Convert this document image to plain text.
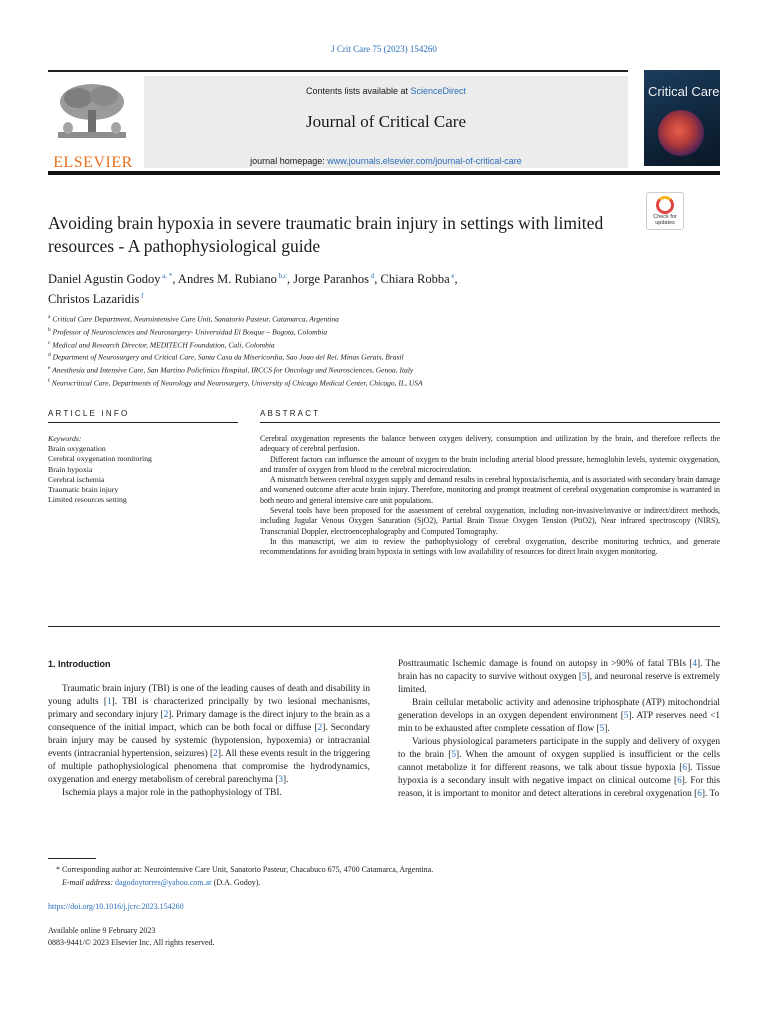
J Crit Care 75 (2023) 154260
ELSEVIER
Contents lists available at ScienceDirect
Journal of Critical Care
journal homepage: www.journals.elsevier.com/journal-of-critical-care
Critical Care
Check for
updates
Avoiding brain hypoxia in severe traumatic brain injury in settings with limited resources - A pathophysiological guide
Daniel Agustin Godoy $^{a, *}$, Andres M. Rubiano $^{b,c}$, Jorge Paranhos $^d$, Chiara Robba $^e$,
Christos Lazaridis $^f$
$^a$ Critical Care Department, Neurointensive Care Unit, Sanatorio Pasteur, Catamarca, Argentina
$^b$ Professor of Neurosciences and Neurosurgery- Universidad El Bosque – Bogota, Colombia
$^c$ Medical and Research Director, MEDITECH Foundation, Cali, Colombia
$^d$ Department of Neurosurgery and Critical Care, Santa Casa da Misericordia, Sao Joao del Rei, Minas Gerais, Brasil
$^e$ Anesthesia and Intensive Care, San Martino Policlinico Hospital, IRCCS for Oncology and Neurosciences, Genoa, Italy
$^f$ Neurocritical Care, Departments of Neurology and Neurosurgery, University of Chicago Medical Center, Chicago, IL, USA
ARTICLE INFO	ABSTRACT
Keywords:
Brain oxygenation
Cerebral oxygenation monitoring
Brain hypoxia
Cerebral ischemia
Traumatic brain injury
Limited resources setting

Cerebral oxygenation represents the balance between oxygen delivery, consumption and utilization by the brain, and therefore reflects the adequacy of cerebral perfusion.

Different factors can influence the amount of oxygen to the brain including arterial blood pressure, hemoglobin levels, systemic oxygenation, and transfer of oxygen from blood to the cerebral microcirculation.

A mismatch between cerebral oxygen supply and demand results in cerebral hypoxia/ischemia, and is associated with secondary brain damage and worsened outcome after acute brain injury. Therefore, monitoring and prompt treatment of cerebral oxygenation compromise is warranted in both neuro and general intensive care unit populations.

Several tools have been proposed for the assessment of cerebral oxygenation, including non-invasive/invasive or indirect/direct methods, including Jugular Venous Oxygen Saturation (SjO2), Partial Brain Tissue Oxygen Tension (PtiO2), Near infrared spectroscopy (NIRS), Transcranial Doppler, electroencephalography and Computed Tomography.

In this manuscript, we aim to review the pathophysiology of cerebral oxygenation, describe monitoring technics, and generate recommendations for avoiding brain hypoxia in settings with low availability of resources for direct brain oxygen monitoring.

1. Introduction

Traumatic brain injury (TBI) is one of the leading causes of death and disability in young adults [1]. TBI is characterized principally by two lesional mechanisms, primary and secondary injury [2]. Primary damage is the direct injury to the brain as a consequence of the initial impact, which can be both focal or diffuse [2]. Secondary brain injury may be caused by systemic (hypotension, hypoxemia) or intracranial events (intracranial hypertension, seizures) [2]. All these events result in the triggering of multiple pathophysiological phenomena that compromise the hydrodynamics, oxygenation and energy metabolism of cerebral parenchyma [3].

Ischemia plays a major role in the pathophysiology of TBI.

Posttraumatic Ischemic damage is found on autopsy in >90% of fatal TBIs [4]. The brain has no capacity to survive without oxygen [5], and neuronal reserve is extremely limited.

Brain cellular metabolic activity and adenosine triphosphate (ATP) mitochondrial generation develops in an oxygen dependent environment [5]. ATP reserves need <1 min to be exhausted after complete cessation of flow [5].

Various physiological parameters participate in the supply and delivery of oxygen to the brain [5]. When the amount of oxygen supplied is insufficient or the cells cannot metabolize it for different reasons, we talk about tissue hypoxia [6]. Tissue hypoxia is a secondary insult with negative impact on clinical outcome [6]. For this reason, it is important to monitor and detect alterations in cerebral oxygenation [6]. To

* Corresponding author at: Neurointensive Care Unit, Sanatorio Pasteur, Chacabuco 675, 4700 Catamarca, Argentina.
E-mail address: dagodoytorres@yahoo.com.ar (D.A. Godoy).
https://doi.org/10.1016/j.jcrc.2023.154260
Available online 9 February 2023
0883-9441/© 2023 Elsevier Inc. All rights reserved.
